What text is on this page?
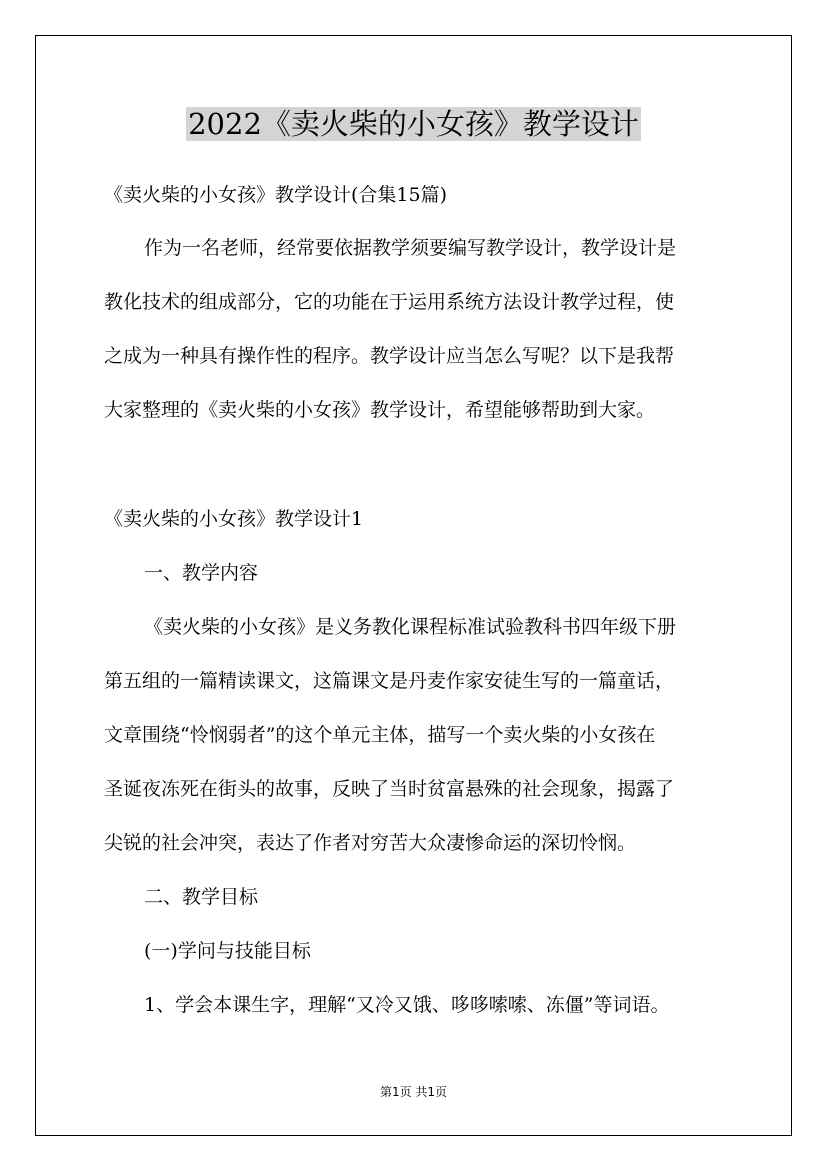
2022《卖火柴的小女孩》教学设计
《卖火柴的小女孩》教学设计(合集15篇)
作为一名老师，经常要依据教学须要编写教学设计，教学设计是
教化技术的组成部分，它的功能在于运用系统方法设计教学过程，使
之成为一种具有操作性的程序。教学设计应当怎么写呢？以下是我帮
大家整理的《卖火柴的小女孩》教学设计，希望能够帮助到大家。
《卖火柴的小女孩》教学设计1
一、教学内容
《卖火柴的小女孩》是义务教化课程标准试验教科书四年级下册
第五组的一篇精读课文，这篇课文是丹麦作家安徒生写的一篇童话，
文章围绕“怜悯弱者”的这个单元主体，描写一个卖火柴的小女孩在
圣诞夜冻死在街头的故事，反映了当时贫富悬殊的社会现象，揭露了
尖锐的社会冲突，表达了作者对穷苦大众凄惨命运的深切怜悯。
二、教学目标
(一)学问与技能目标
1、学会本课生字，理解“又冷又饿、哆哆嗦嗦、冻僵”等词语。
第1页 共1页
